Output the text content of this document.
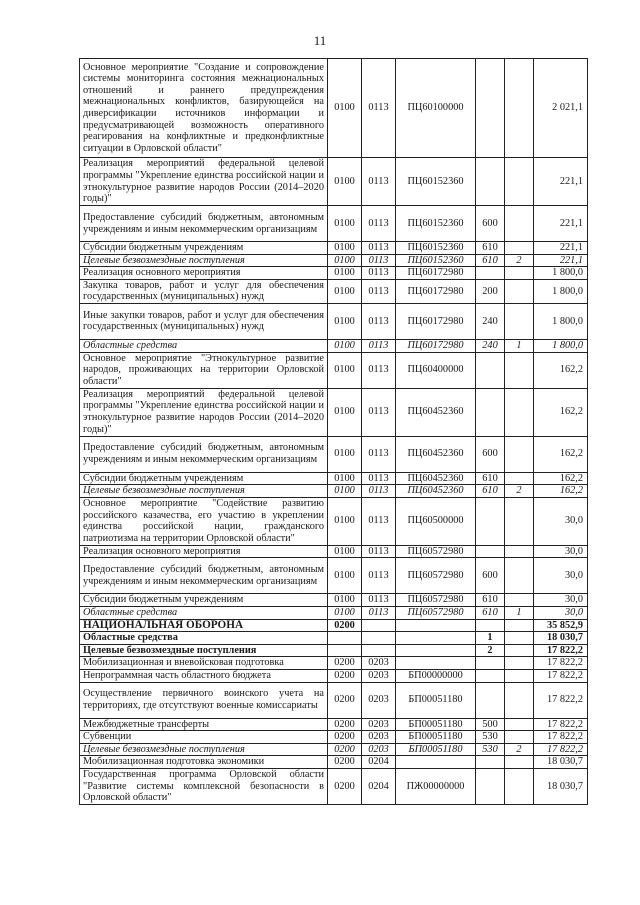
11
Основное мероприятие "Создание и сопровождение системы мониторинга состояния межнациональных отношений и раннего предупреждения межнациональных конфликтов, базирующейся на диверсификации источников информации и предусматривающей возможность оперативного реагирования на конфликтные и предконфликтные ситуации в Орловской области"	0100	0113	ПЦ60100000			2 021,1
Реализация мероприятий федеральной целевой программы "Укрепление единства российской нации и этнокультурное развитие народов России (2014–2020 годы)"	0100	0113	ПЦ60152360			221,1
Предоставление субсидий бюджетным, автономным учреждениям и иным некоммерческим организациям	0100	0113	ПЦ60152360	600		221,1
Субсидии бюджетным учреждениям	0100	0113	ПЦ60152360	610		221,1
Целевые безвозмездные поступления	0100	0113	ПЦ60152360	610	2	221,1
Реализация основного мероприятия	0100	0113	ПЦ60172980			1 800,0
Закупка товаров, работ и услуг для обеспечения государственных (муниципальных) нужд	0100	0113	ПЦ60172980	200		1 800,0
Иные закупки товаров, работ и услуг для обеспечения государственных (муниципальных) нужд	0100	0113	ПЦ60172980	240		1 800,0
Областные средства	0100	0113	ПЦ60172980	240	1	1 800,0
Основное мероприятие "Этнокультурное развитие народов, проживающих на территории Орловской области"	0100	0113	ПЦ60400000			162,2
Реализация мероприятий федеральной целевой программы "Укрепление единства российской нации и этнокультурное развитие народов России (2014–2020 годы)"	0100	0113	ПЦ60452360			162,2
Предоставление субсидий бюджетным, автономным учреждениям и иным некоммерческим организациям	0100	0113	ПЦ60452360	600		162,2
Субсидии бюджетным учреждениям	0100	0113	ПЦ60452360	610		162,2
Целевые безвозмездные поступления	0100	0113	ПЦ60452360	610	2	162,2
Основное мероприятие "Содействие развитию российского казачества, его участию в укреплении единства российской нации, гражданского патриотизма на территории Орловской области"	0100	0113	ПЦ60500000			30,0
Реализация основного мероприятия	0100	0113	ПЦ60572980			30,0
Предоставление субсидий бюджетным, автономным учреждениям и иным некоммерческим организациям	0100	0113	ПЦ60572980	600		30,0
Субсидии бюджетным учреждениям	0100	0113	ПЦ60572980	610		30,0
Областные средства	0100	0113	ПЦ60572980	610	1	30,0
НАЦИОНАЛЬНАЯ ОБОРОНА	0200					35 852,9
Областные средства				1		18 030,7
Целевые безвозмездные поступления				2		17 822,2
Мобилизационная и вневойсковая подготовка	0200	0203				17 822,2
Непрограммная часть областного бюджета	0200	0203	БП00000000			17 822,2
Осуществление первичного воинского учета на территориях, где отсутствуют военные комиссариаты	0200	0203	БП00051180			17 822,2
Межбюджетные трансферты	0200	0203	БП00051180	500		17 822,2
Субвенции	0200	0203	БП00051180	530		17 822,2
Целевые безвозмездные поступления	0200	0203	БП00051180	530	2	17 822,2
Мобилизационная подготовка экономики	0200	0204				18 030,7
Государственная программа Орловской области "Развитие системы комплексной безопасности в Орловской области"	0200	0204	ПЖ00000000			18 030,7
